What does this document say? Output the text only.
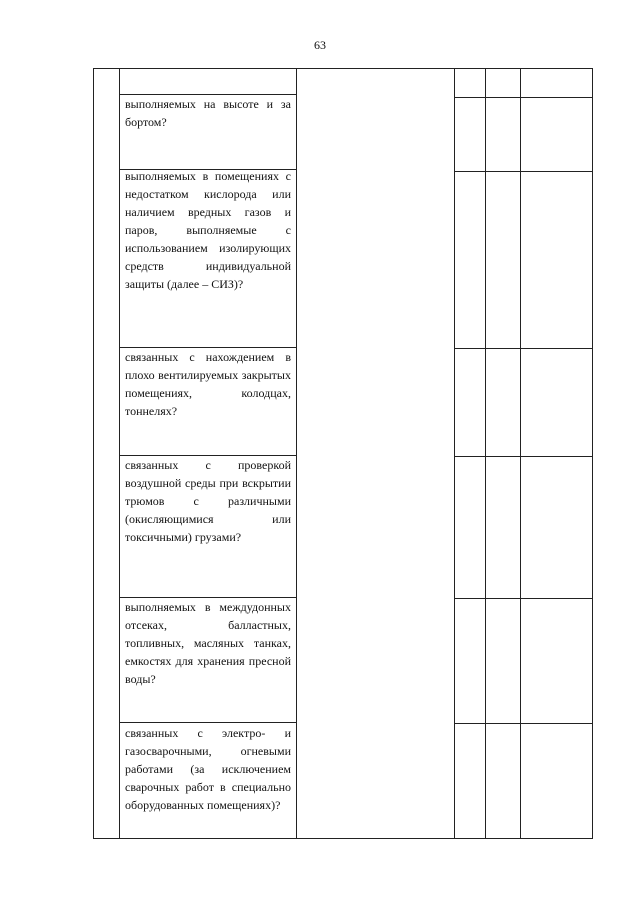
63
выполняемых на высоте и за бортом?
выполняемых в помещениях с недостатком кислорода или наличием вредных газов и паров, выполняемые с использованием изолирующих средств индивидуальной защиты (далее – СИЗ)?
связанных с нахождением в плохо вентилируемых закрытых помещениях, колодцах, тоннелях?
связанных с проверкой воздушной среды при вскрытии трюмов с различными (окисляющимися или токсичными) грузами?
выполняемых в междудонных отсеках, балластных, топливных, масляных танках, емкостях для хранения пресной воды?
связанных с электро- и газосварочными, огневыми работами (за исключением сварочных работ в специально оборудованных помещениях)?
